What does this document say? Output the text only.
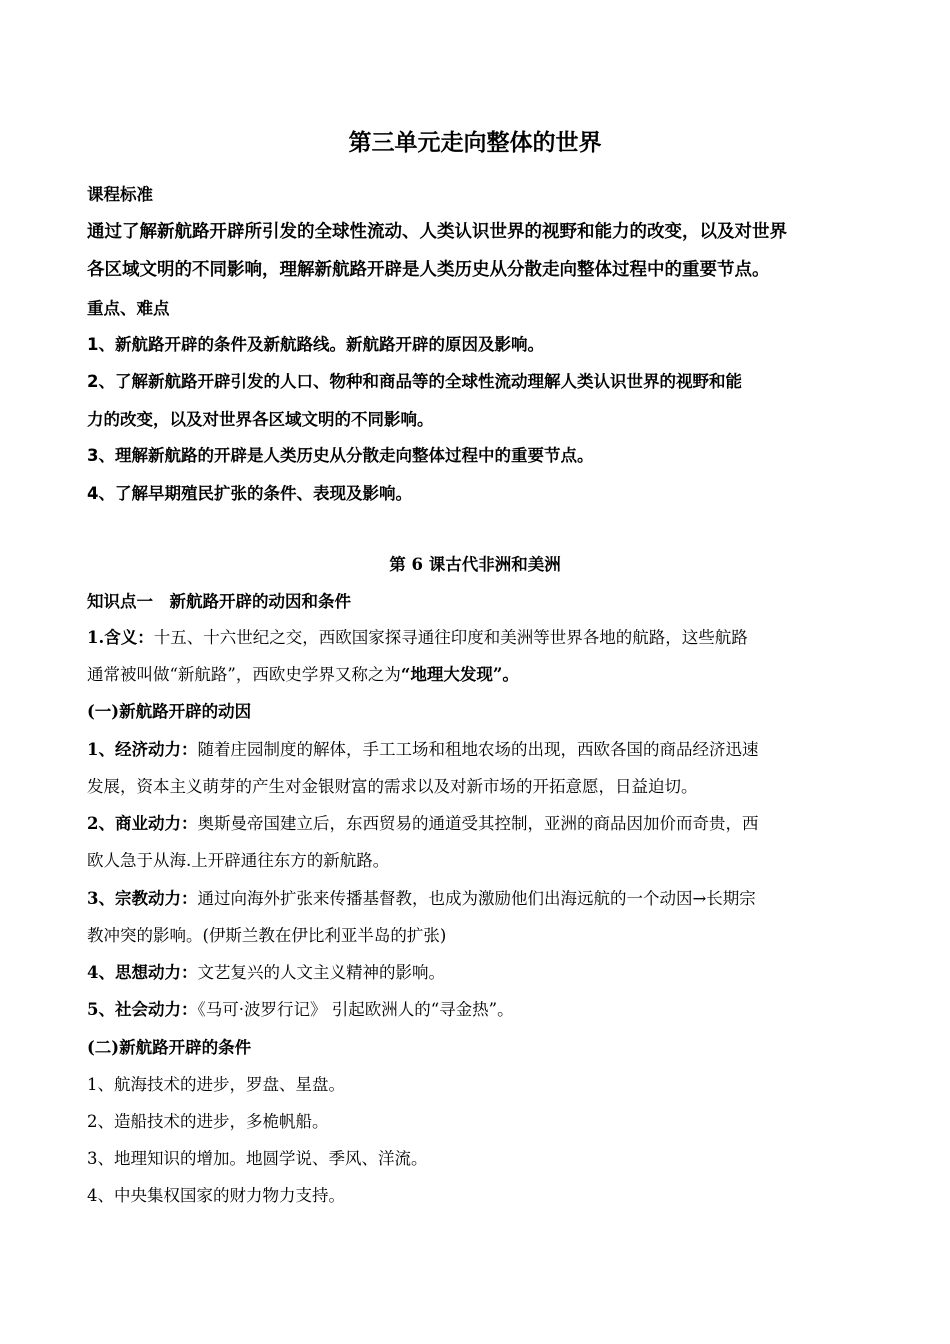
第三单元走向整体的世界
课程标准
通过了解新航路开辟所引发的全球性流动、人类认识世界的视野和能力的改变，以及对世界
各区域文明的不同影响，理解新航路开辟是人类历史从分散走向整体过程中的重要节点。
重点、难点
1、新航路开辟的条件及新航路线。新航路开辟的原因及影响。
2、了解新航路开辟引发的人口、物种和商品等的全球性流动理解人类认识世界的视野和能
力的改变，以及对世界各区域文明的不同影响。
3、理解新航路的开辟是人类历史从分散走向整体过程中的重要节点。
4、了解早期殖民扩张的条件、表现及影响。
第 6 课古代非洲和美洲
知识点一　新航路开辟的动因和条件
1.含义：十五、十六世纪之交，西欧国家探寻通往印度和美洲等世界各地的航路，这些航路
通常被叫做“新航路”，西欧史学界又称之为“地理大发现”。
(一)新航路开辟的动因
1、经济动力：随着庄园制度的解体，手工工场和租地农场的出现，西欧各国的商品经济迅速
发展，资本主义萌芽的产生对金银财富的需求以及对新市场的开拓意愿，日益迫切。
2、商业动力：奥斯曼帝国建立后，东西贸易的通道受其控制，亚洲的商品因加价而奇贵，西
欧人急于从海.上开辟通往东方的新航路。
3、宗教动力：通过向海外扩张来传播基督教，也成为激励他们出海远航的一个动因→长期宗
教冲突的影响。(伊斯兰教在伊比利亚半岛的扩张)
4、思想动力：文艺复兴的人文主义精神的影响。
5、社会动力：《马可·波罗行记》 引起欧洲人的“寻金热”。
(二)新航路开辟的条件
1、航海技术的进步，罗盘、星盘。
2、造船技术的进步，多桅帆船。
3、地理知识的增加。地圆学说、季风、洋流。
4、中央集权国家的财力物力支持。
